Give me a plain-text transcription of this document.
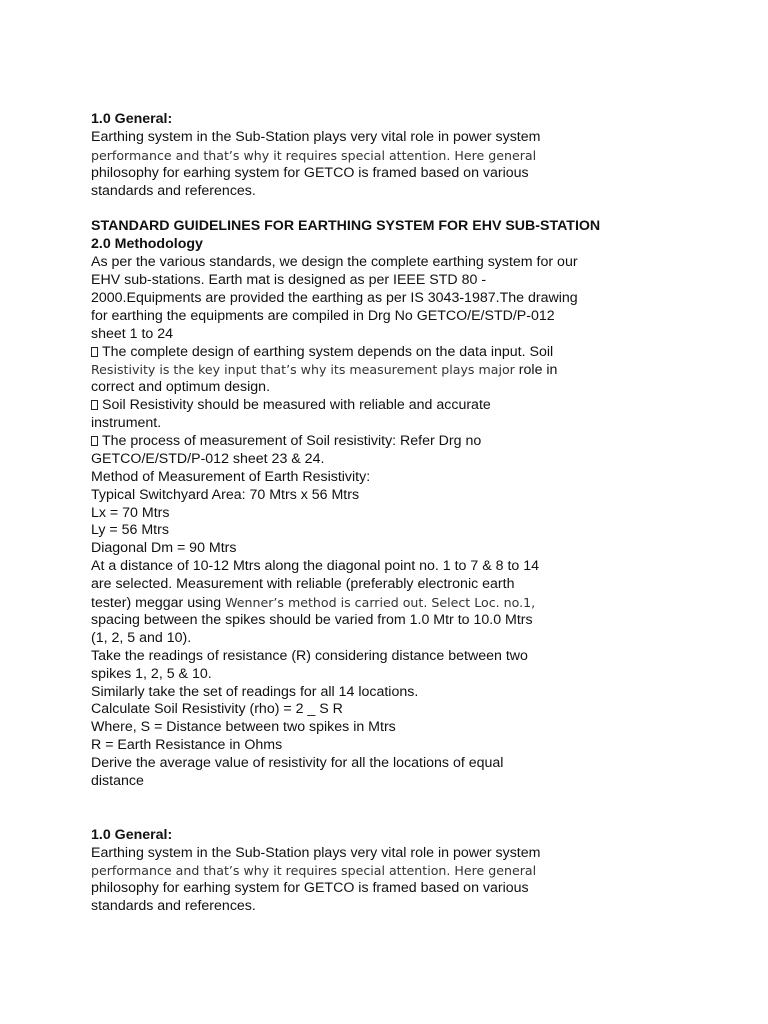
1.0 General:
Earthing system in the Sub-Station plays very vital role in power system
performance and that’s why it requires special attention. Here general
philosophy for earhing system for GETCO is framed based on various
standards and references.
STANDARD GUIDELINES FOR EARTHING SYSTEM FOR EHV SUB-STATION
2.0 Methodology
As per the various standards, we design the complete earthing system for our
EHV sub-stations. Earth mat is designed as per IEEE STD 80 -
2000.Equipments are provided the earthing as per IS 3043-1987.The drawing
for earthing the equipments are compiled in Drg No GETCO/E/STD/P-012
sheet 1 to 24
The complete design of earthing system depends on the data input. Soil
Resistivity is the key input that’s why its measurement plays major role in
correct and optimum design.
Soil Resistivity should be measured with reliable and accurate
instrument.
The process of measurement of Soil resistivity: Refer Drg no
GETCO/E/STD/P-012 sheet 23 & 24.
Method of Measurement of Earth Resistivity:
Typical Switchyard Area: 70 Mtrs x 56 Mtrs
Lx = 70 Mtrs
Ly = 56 Mtrs
Diagonal Dm = 90 Mtrs
At a distance of 10-12 Mtrs along the diagonal point no. 1 to 7 & 8 to 14
are selected. Measurement with reliable (preferably electronic earth
tester) meggar using Wenner’s method is carried out. Select Loc. no.1,
spacing between the spikes should be varied from 1.0 Mtr to 10.0 Mtrs
(1, 2, 5 and 10).
Take the readings of resistance (R) considering distance between two
spikes 1, 2, 5 & 10.
Similarly take the set of readings for all 14 locations.
Calculate Soil Resistivity (rho) = 2 _ S R
Where, S = Distance between two spikes in Mtrs
R = Earth Resistance in Ohms
Derive the average value of resistivity for all the locations of equal
distance
1.0 General:
Earthing system in the Sub-Station plays very vital role in power system
performance and that’s why it requires special attention. Here general
philosophy for earhing system for GETCO is framed based on various
standards and references.
